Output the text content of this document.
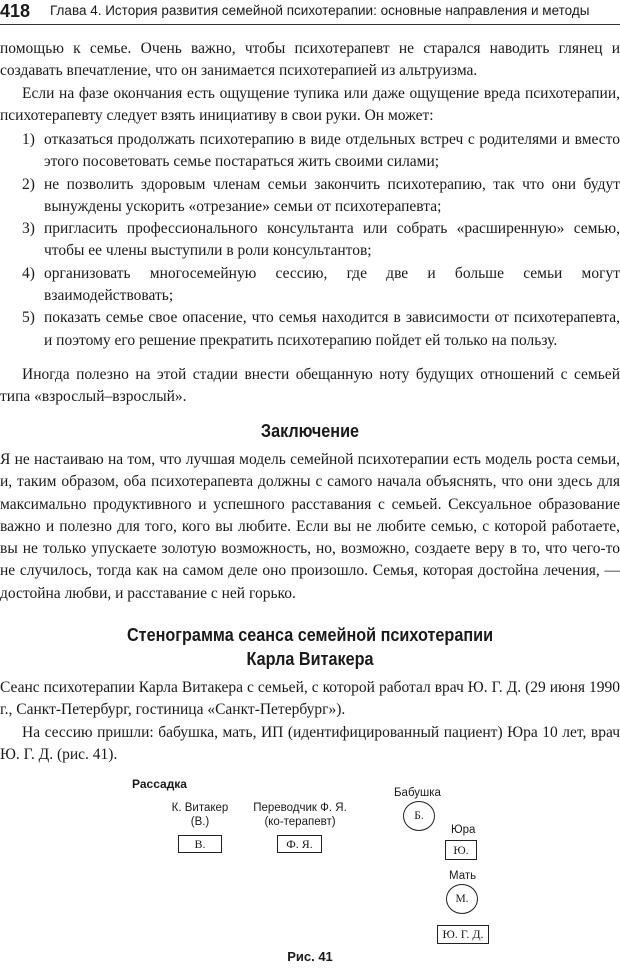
418 Глава 4. История развития семейной психотерапии: основные направления и методы

помощью к семье. Очень важно, чтобы психотерапевт не старался наводить глянец и создавать впечатление, что он занимается психотерапией из альтруизма.

Если на фазе окончания есть ощущение тупика или даже ощущение вреда психотерапии, психотерапевту следует взять инициативу в свои руки. Он может:

1) отказаться продолжать психотерапию в виде отдельных встреч с родителями и вместо этого посоветовать семье постараться жить своими силами;
2) не позволить здоровым членам семьи закончить психотерапию, так что они будут вынуждены ускорить «отрезание» семьи от психотерапевта;
3) пригласить профессионального консультанта или собрать «расширенную» семью, чтобы ее члены выступили в роли консультантов;
4) организовать многосемейную сессию, где две и больше семьи могут взаимодействовать;
5) показать семье свое опасение, что семья находится в зависимости от психотерапевта, и поэтому его решение прекратить психотерапию пойдет ей только на пользу.

Иногда полезно на этой стадии внести обещанную ноту будущих отношений с семьей типа «взрослый–взрослый».

Заключение

Я не настаиваю на том, что лучшая модель семейной психотерапии есть модель роста семьи, и, таким образом, оба психотерапевта должны с самого начала объяснять, что они здесь для максимально продуктивного и успешного расставания с семьей. Сексуальное образование важно и полезно для того, кого вы любите. Если вы не любите семью, с которой работаете, вы не только упускаете золотую возможность, но, возможно, создаете веру в то, что чего-то не случилось, тогда как на самом деле оно произошло. Семья, которая достойна лечения, — достойна любви, и расставание с ней горько.

Стенограмма сеанса семейной психотерапии
Карла Витакера

Сеанс психотерапии Карла Витакера с семьей, с которой работал врач Ю. Г. Д. (29 июня 1990 г., Санкт-Петербург, гостиница «Санкт-Петербург»).

На сессию пришли: бабушка, мать, ИП (идентифицированный пациент) Юра 10 лет, врач Ю. Г. Д. (рис. 41).

Рассадка
К. Витакер
(В.)
В.
Переводчик Ф. Я.
(ко-терапевт)
Ф. Я.
Бабушка
Б.
Юра
Ю.
Мать
М.
Ю. Г. Д.
Рис. 41
